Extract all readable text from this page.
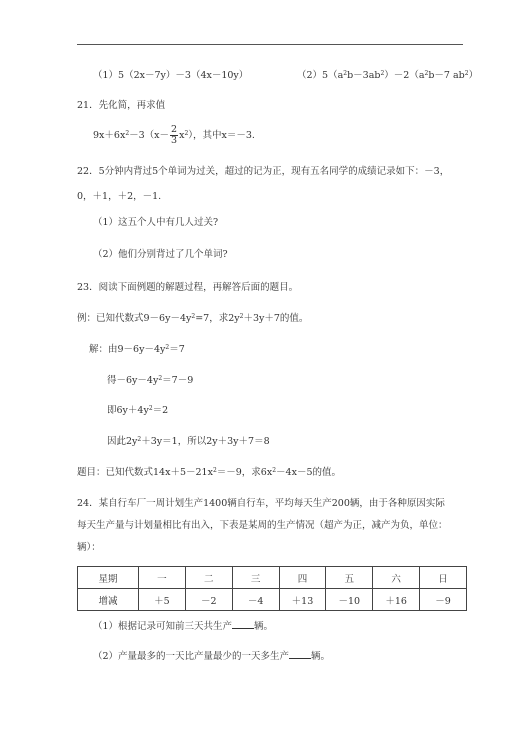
（1）5（2x－7y）－3（4x－10y）	$(2)5(a^2b-3ab^2)-2(a^2b-7$ $ab^2$）
21．先化简，再求值
$9x+6x^2-3(x- \frac{2}{3} x^2)$，其中x＝－3.
22．5分钟内背过5个单词为过关，超过的记为正，现有五名同学的成绩记录如下：－3，
0，＋1，＋2，－1.
（1）这五个人中有几人过关?
（2）他们分别背过了几个单词?
23．阅读下面例题的解题过程，再解答后面的题目。
例：已知代数式$9-6y-4y^2=7$，求$2y^2+3y+7$的值。
解：由$9-6y-4y^2=7$
得$-6y-4y^2=7-9$
即$6y+4y^2=2$
因此$2y^2+3y=1$，所以2y＋3y＋7＝8
题目：已知代数式$14x+5-21x^2=-9$，求$6x^2-4x-5$的值。
24．某自行车厂一周计划生产1400辆自行车，平均每天生产200辆，由于各种原因实际
每天生产量与计划量相比有出入，下表是某周的生产情况（超产为正，减产为负，单位：
辆）：
星期	一	二	三	四	五	六	日
增减	＋5	－2	－4	＋13	－10	＋16	－9
（1）根据记录可知前三天共生产 辆。
（2）产量最多的一天比产量最少的一天多生产 辆。
